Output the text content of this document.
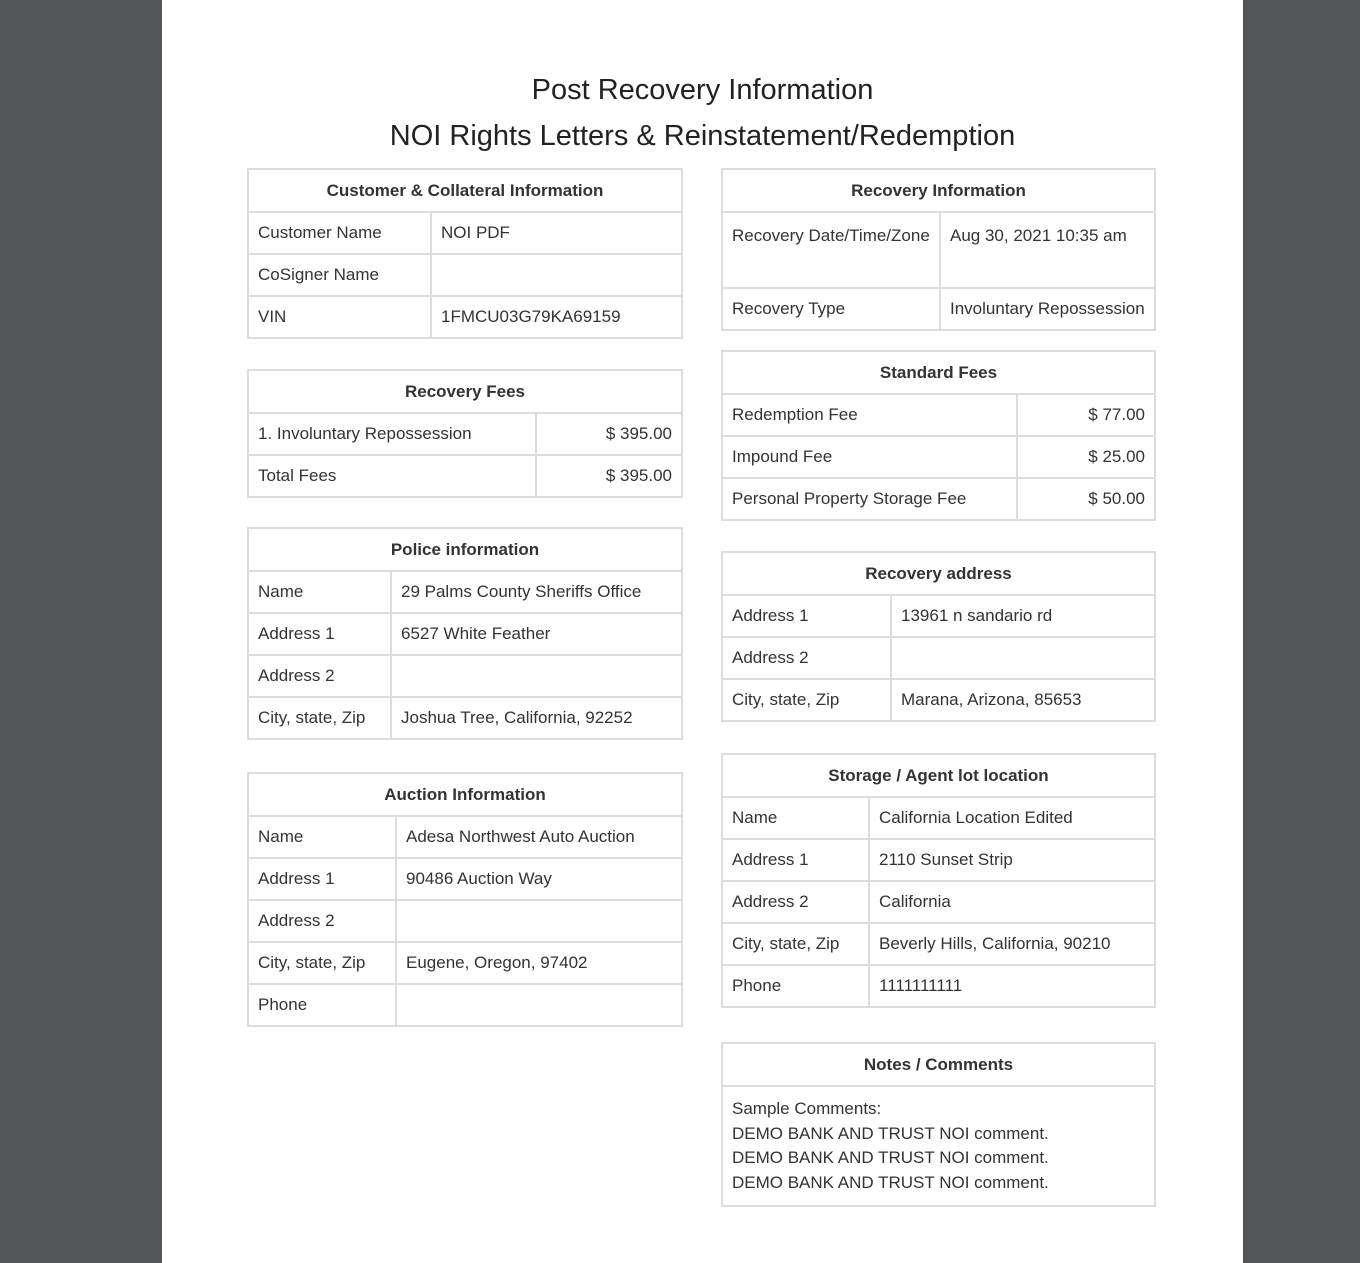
Post Recovery Information
NOI Rights Letters & Reinstatement/Redemption
Customer & Collateral Information	
Customer Name	NOI PDF
CoSigner Name	
VIN	1FMCU03G79KA69159
Recovery Fees	
1. Involuntary Repossession	$ 395.00
Total Fees	$ 395.00
Police information	
Name	29 Palms County Sheriffs Office
Address 1	6527 White Feather
Address 2	
City, state, Zip	Joshua Tree, California, 92252
Auction Information	
Name	Adesa Northwest Auto Auction
Address 1	90486 Auction Way
Address 2	
City, state, Zip	Eugene, Oregon, 97402
Phone	
Recovery Information	
Recovery Date/Time/Zone	Aug 30, 2021 10:35 am
Recovery Type	Involuntary Repossession
Standard Fees	
Redemption Fee	$ 77.00
Impound Fee	$ 25.00
Personal Property Storage Fee	$ 50.00
Recovery address	
Address 1	13961 n sandario rd
Address 2	
City, state, Zip	Marana, Arizona, 85653
Storage / Agent lot location	
Name	California Location Edited
Address 1	2110 Sunset Strip
Address 2	California
City, state, Zip	Beverly Hills, California, 90210
Phone	1111111111
Notes / Comments

Sample Comments:
DEMO BANK AND TRUST NOI comment.
DEMO BANK AND TRUST NOI comment.
DEMO BANK AND TRUST NOI comment.
